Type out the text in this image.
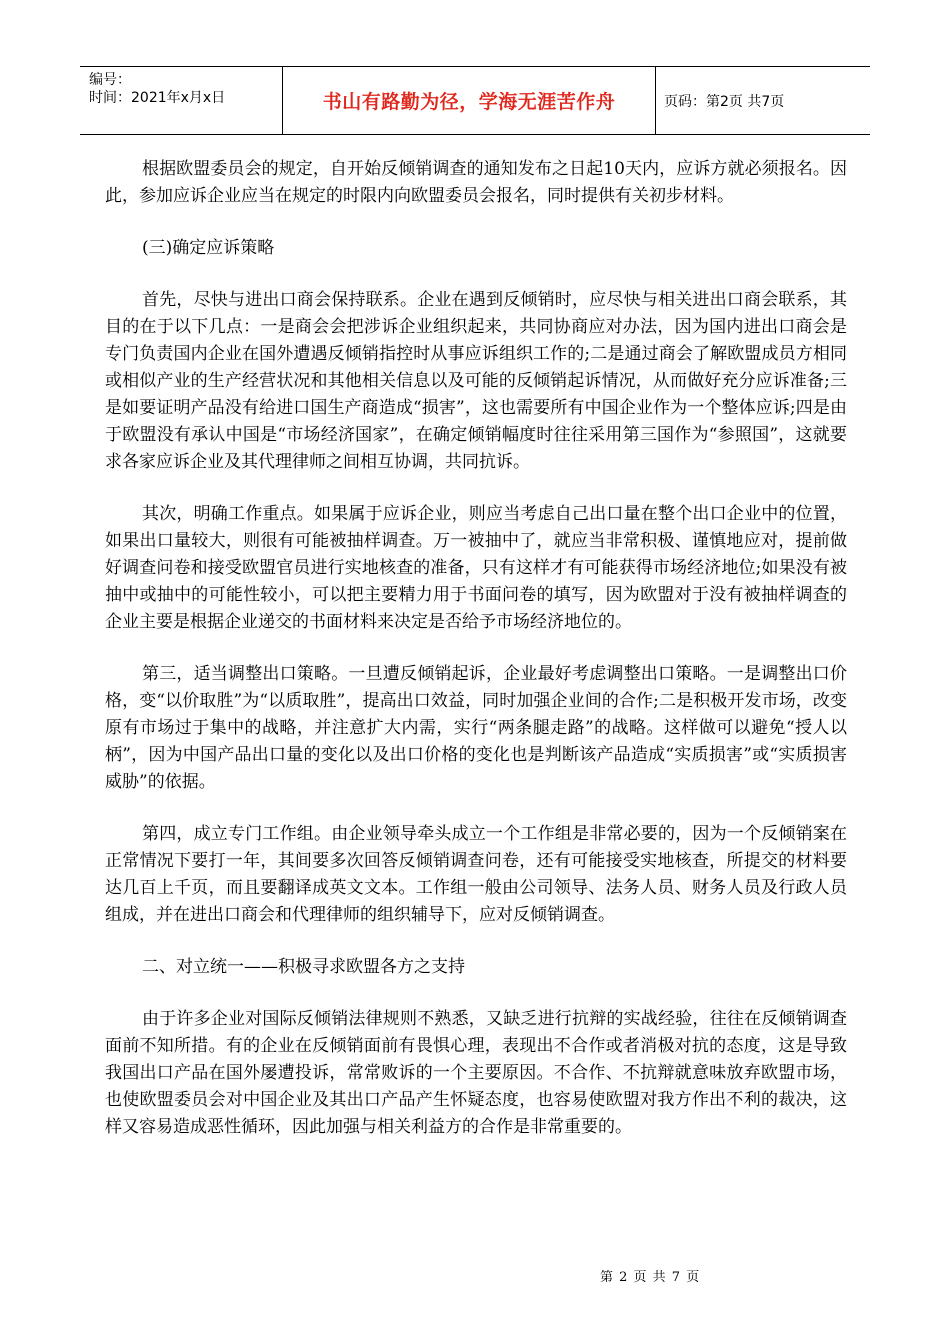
编号：
时间：2021年x月x日	书山有路勤为径，学海无涯苦作舟	页码：第2页 共7页

根据欧盟委员会的规定，自开始反倾销调查的通知发布之日起10天内，应诉方就必须报名。因此，参加应诉企业应当在规定的时限内向欧盟委员会报名，同时提供有关初步材料。

(三)确定应诉策略

首先，尽快与进出口商会保持联系。企业在遇到反倾销时，应尽快与相关进出口商会联系，其目的在于以下几点：一是商会会把涉诉企业组织起来，共同协商应对办法，因为国内进出口商会是专门负责国内企业在国外遭遇反倾销指控时从事应诉组织工作的;二是通过商会了解欧盟成员方相同或相似产业的生产经营状况和其他相关信息以及可能的反倾销起诉情况，从而做好充分应诉准备;三是如要证明产品没有给进口国生产商造成“损害”，这也需要所有中国企业作为一个整体应诉;四是由于欧盟没有承认中国是“市场经济国家”，在确定倾销幅度时往往采用第三国作为“参照国”，这就要求各家应诉企业及其代理律师之间相互协调，共同抗诉。

其次，明确工作重点。如果属于应诉企业，则应当考虑自己出口量在整个出口企业中的位置，如果出口量较大，则很有可能被抽样调查。万一被抽中了，就应当非常积极、谨慎地应对，提前做好调查问卷和接受欧盟官员进行实地核查的准备，只有这样才有可能获得市场经济地位;如果没有被抽中或抽中的可能性较小，可以把主要精力用于书面问卷的填写，因为欧盟对于没有被抽样调查的企业主要是根据企业递交的书面材料来决定是否给予市场经济地位的。

第三，适当调整出口策略。一旦遭反倾销起诉，企业最好考虑调整出口策略。一是调整出口价格，变“以价取胜”为“以质取胜”，提高出口效益，同时加强企业间的合作;二是积极开发市场，改变原有市场过于集中的战略，并注意扩大内需，实行“两条腿走路”的战略。这样做可以避免“授人以柄”，因为中国产品出口量的变化以及出口价格的变化也是判断该产品造成“实质损害”或“实质损害威胁”的依据。

第四，成立专门工作组。由企业领导牵头成立一个工作组是非常必要的，因为一个反倾销案在正常情况下要打一年，其间要多次回答反倾销调查问卷，还有可能接受实地核查，所提交的材料要达几百上千页，而且要翻译成英文文本。工作组一般由公司领导、法务人员、财务人员及行政人员组成，并在进出口商会和代理律师的组织辅导下，应对反倾销调查。

二、对立统一——积极寻求欧盟各方之支持

由于许多企业对国际反倾销法律规则不熟悉，又缺乏进行抗辩的实战经验，往往在反倾销调查面前不知所措。有的企业在反倾销面前有畏惧心理，表现出不合作或者消极对抗的态度，这是导致我国出口产品在国外屡遭投诉，常常败诉的一个主要原因。不合作、不抗辩就意味放弃欧盟市场，也使欧盟委员会对中国企业及其出口产品产生怀疑态度，也容易使欧盟对我方作出不利的裁决，这样又容易造成恶性循环，因此加强与相关利益方的合作是非常重要的。

第 2 页 共 7 页
